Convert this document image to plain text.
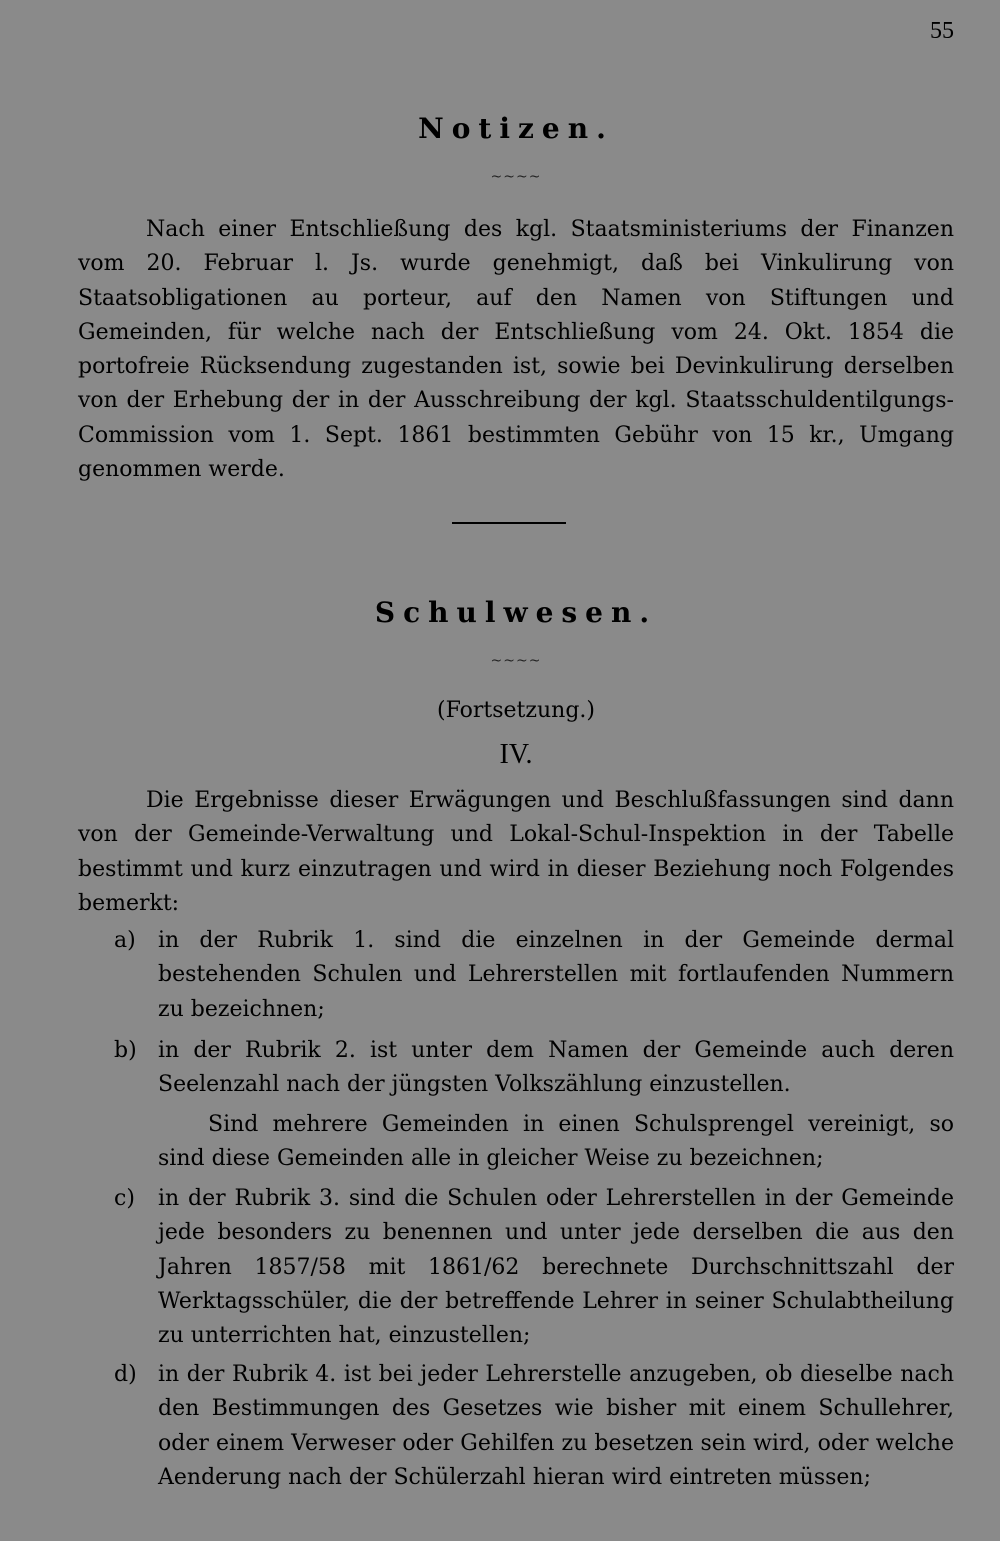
55
Notizen.
~~~~

Nach einer Entschließung des kgl. Staatsministeriums der Finanzen vom 20. Februar l. Js. wurde genehmigt, daß bei Vinkulirung von Staatsobligationen au porteur, auf den Namen von Stiftungen und Gemeinden, für welche nach der Entschließung vom 24. Okt. 1854 die portofreie Rücksendung zugestanden ist, sowie bei Devinkulirung derselben von der Erhebung der in der Ausschreibung der kgl. Staatsschuldentilgungs-Commission vom 1. Sept. 1861 bestimmten Gebühr von 15 kr., Umgang genommen werde.

Schulwesen.
~~~~

(Fortsetzung.)

IV.

Die Ergebnisse dieser Erwägungen und Beschlußfassungen sind dann von der Gemeinde-Verwaltung und Lokal-Schul-Inspektion in der Tabelle bestimmt und kurz einzutragen und wird in dieser Beziehung noch Folgendes bemerkt:

a) in der Rubrik 1. sind die einzelnen in der Gemeinde dermal bestehenden Schulen und Lehrerstellen mit fortlaufenden Nummern zu bezeichnen;

b) in der Rubrik 2. ist unter dem Namen der Gemeinde auch deren Seelenzahl nach der jüngsten Volkszählung einzustellen.

Sind mehrere Gemeinden in einen Schulsprengel vereinigt, so sind diese Gemeinden alle in gleicher Weise zu bezeichnen;

c) in der Rubrik 3. sind die Schulen oder Lehrerstellen in der Gemeinde jede besonders zu benennen und unter jede derselben die aus den Jahren 1857/58 mit 1861/62 berechnete Durchschnittszahl der Werktagsschüler, die der betreffende Lehrer in seiner Schulabtheilung zu unterrichten hat, einzustellen;

d) in der Rubrik 4. ist bei jeder Lehrerstelle anzugeben, ob dieselbe nach den Bestimmungen des Gesetzes wie bisher mit einem Schullehrer, oder einem Verweser oder Gehilfen zu besetzen sein wird, oder welche Aenderung nach der Schülerzahl hieran wird eintreten müssen;
